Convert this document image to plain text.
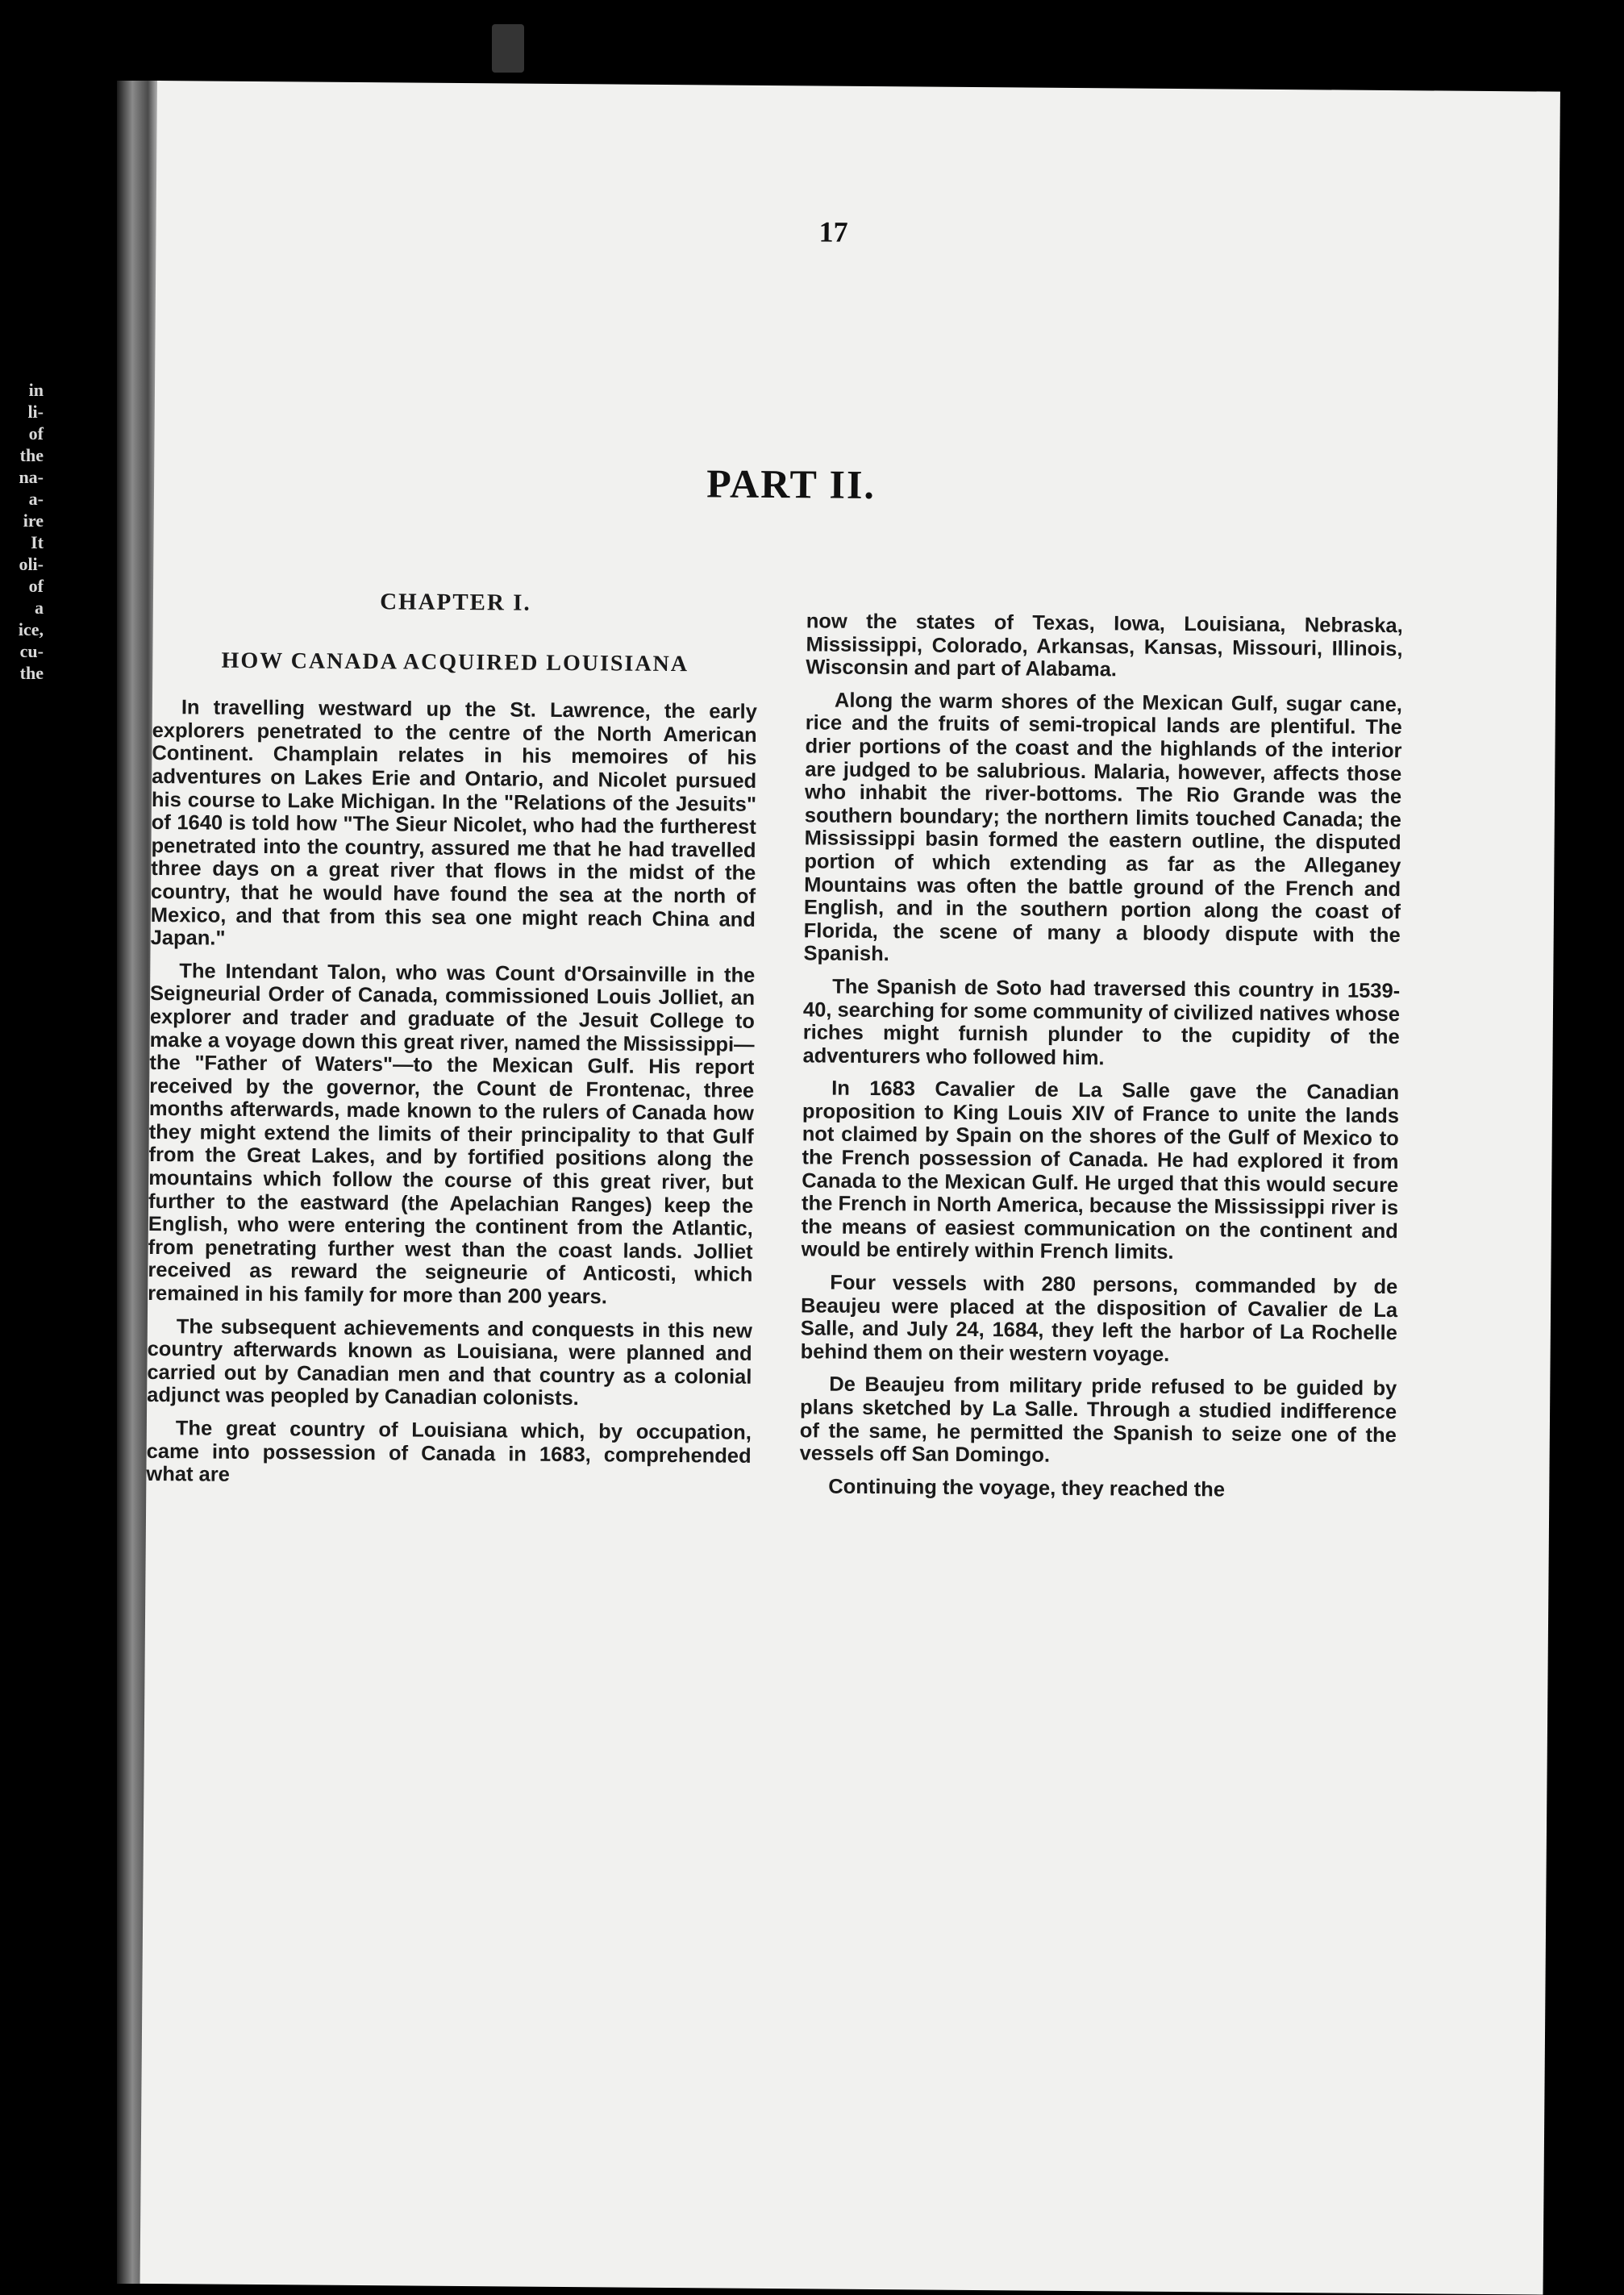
in
li-
of
the
na-
a-
ire
It
oli-
of
a
ice,
cu-
the
17
PART II.

CHAPTER I.

HOW CANADA ACQUIRED LOUISIANA

In travelling westward up the St. Lawrence, the early explorers penetrated to the centre of the North American Continent. Champlain relates in his memoires of his adventures on Lakes Erie and Ontario, and Nicolet pursued his course to Lake Michigan. In the "Relations of the Jesuits" of 1640 is told how "The Sieur Nicolet, who had the furtherest penetrated into the country, assured me that he had travelled three days on a great river that flows in the midst of the country, that he would have found the sea at the north of Mexico, and that from this sea one might reach China and Japan."

The Intendant Talon, who was Count d'Orsainville in the Seigneurial Order of Canada, commissioned Louis Jolliet, an explorer and trader and graduate of the Jesuit College to make a voyage down this great river, named the Mississippi—the "Father of Waters"—to the Mexican Gulf. His report received by the governor, the Count de Frontenac, three months afterwards, made known to the rulers of Canada how they might extend the limits of their principality to that Gulf from the Great Lakes, and by fortified positions along the mountains which follow the course of this great river, but further to the eastward (the Apelachian Ranges) keep the English, who were entering the continent from the Atlantic, from penetrating further west than the coast lands. Jolliet received as reward the seigneurie of Anticosti, which remained in his family for more than 200 years.

The subsequent achievements and conquests in this new country afterwards known as Louisiana, were planned and carried out by Canadian men and that country as a colonial adjunct was peopled by Canadian colonists.

The great country of Louisiana which, by occupation, came into possession of Canada in 1683, comprehended what are

now the states of Texas, Iowa, Louisiana, Nebraska, Mississippi, Colorado, Arkansas, Kansas, Missouri, Illinois, Wisconsin and part of Alabama.

Along the warm shores of the Mexican Gulf, sugar cane, rice and the fruits of semi-tropical lands are plentiful. The drier portions of the coast and the highlands of the interior are judged to be salubrious. Malaria, however, affects those who inhabit the river-bottoms. The Rio Grande was the southern boundary; the northern limits touched Canada; the Mississippi basin formed the eastern outline, the disputed portion of which extending as far as the Alleganey Mountains was often the battle ground of the French and English, and in the southern portion along the coast of Florida, the scene of many a bloody dispute with the Spanish.

The Spanish de Soto had traversed this country in 1539-40, searching for some community of civilized natives whose riches might furnish plunder to the cupidity of the adventurers who followed him.

In 1683 Cavalier de La Salle gave the Canadian proposition to King Louis XIV of France to unite the lands not claimed by Spain on the shores of the Gulf of Mexico to the French possession of Canada. He had explored it from Canada to the Mexican Gulf. He urged that this would secure the French in North America, because the Mississippi river is the means of easiest communication on the continent and would be entirely within French limits.

Four vessels with 280 persons, commanded by de Beaujeu were placed at the disposition of Cavalier de La Salle, and July 24, 1684, they left the harbor of La Rochelle behind them on their western voyage.

De Beaujeu from military pride refused to be guided by plans sketched by La Salle. Through a studied indifference of the same, he permitted the Spanish to seize one of the vessels off San Domingo.

Continuing the voyage, they reached the
